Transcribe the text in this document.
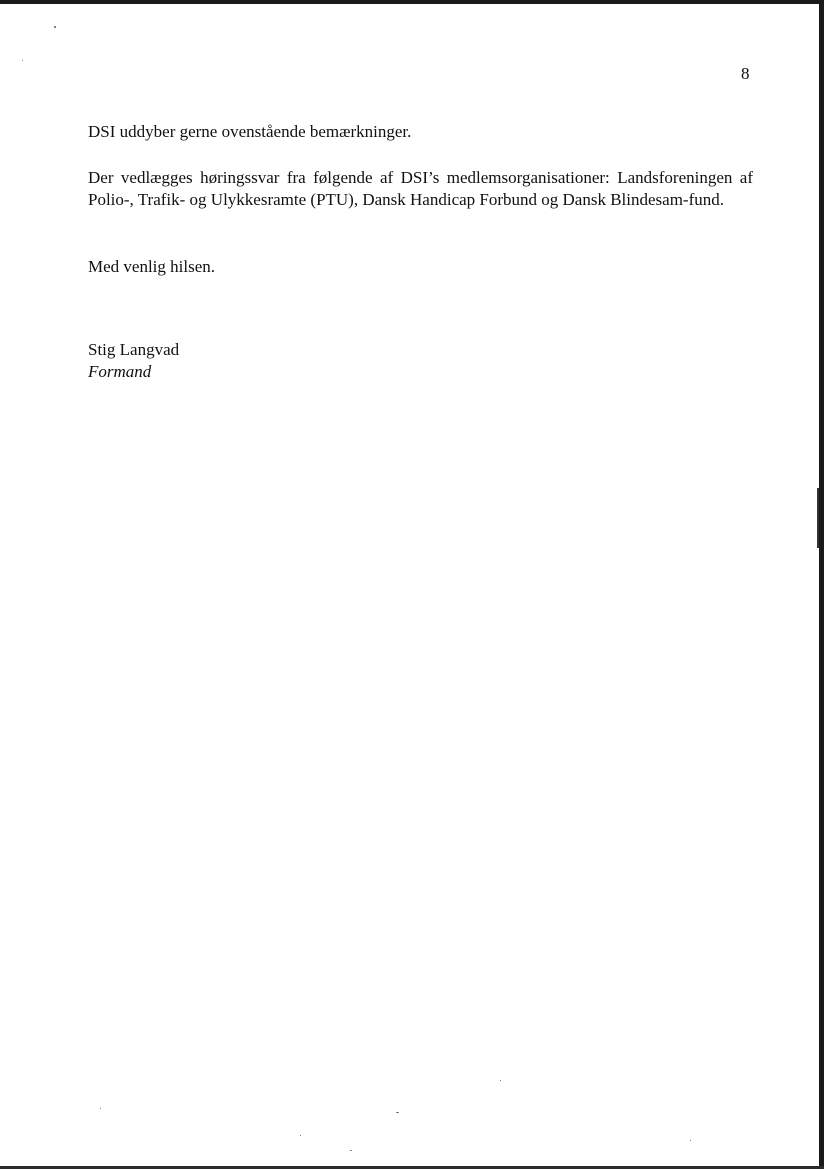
8

DSI uddyber gerne ovenstående bemærkninger.

Der vedlægges høringssvar fra følgende af DSI’s medlemsorganisationer: Landsforeningen af Polio-, Trafik- og Ulykkesramte (PTU), Dansk Handicap Forbund og Dansk Blindesam-fund.

Med venlig hilsen.

Stig Langvad

Formand
